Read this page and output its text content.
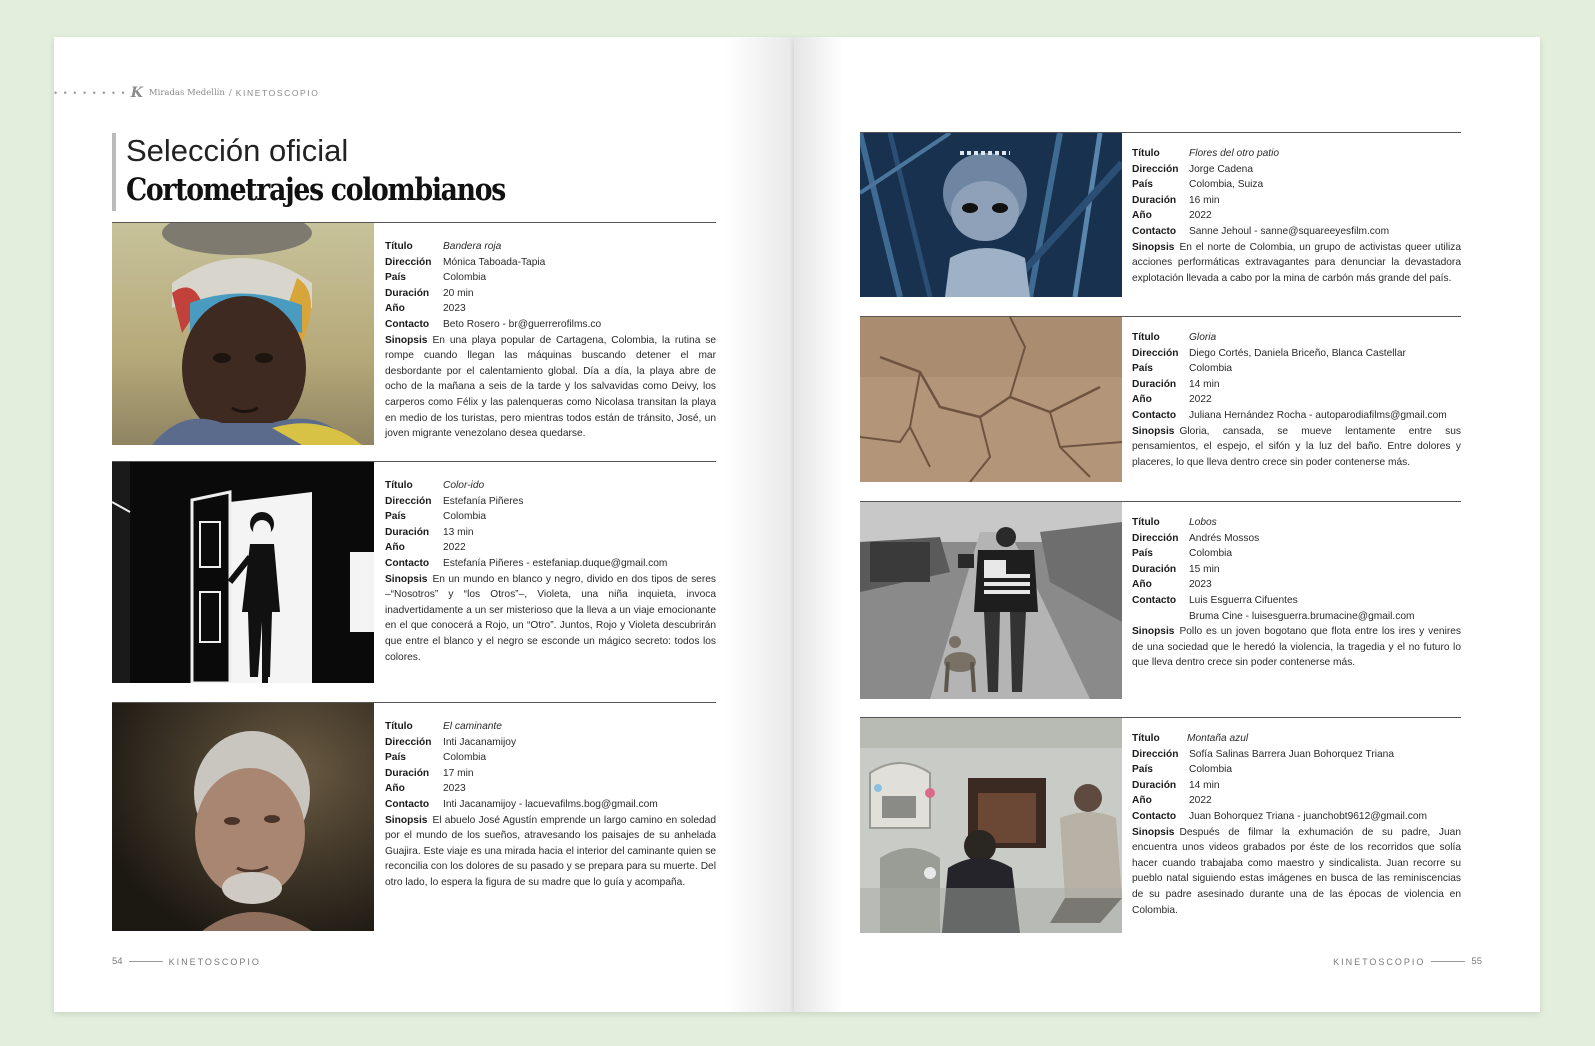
• • • • • • • • K Miradas Medellín / KINETOSCOPIO
Selección oficial
Cortometrajes colombianos
Título	Bandera roja
Dirección	Mónica Taboada-Tapia
País	Colombia
Duración	20 min
Año	2023
Contacto	Beto Rosero - br@guerrerofilms.co
Sinopsis En una playa popular de Cartagena, Colombia, la rutina se rompe cuando llegan las máquinas buscando detener el mar desbordante por el calentamiento global. Día a día, la playa abre de ocho de la mañana a seis de la tarde y los salvavidas como Deivy, los carperos como Félix y las palenqueras como Nicolasa transitan la playa en medio de los turistas, pero mientras todos están de tránsito, José, un joven migrante venezolano desea quedarse.
Título	Color-ido
Dirección	Estefanía Piñeres
País	Colombia
Duración	13 min
Año	2022
Contacto	Estefanía Piñeres - estefaniap.duque@gmail.com
Sinopsis En un mundo en blanco y negro, divido en dos tipos de seres –“Nosotros” y “los Otros”–, Violeta, una niña inquieta, invoca inadvertidamente a un ser misterioso que la lleva a un viaje emocionante en el que conocerá a Rojo, un “Otro”. Juntos, Rojo y Violeta descubrirán que entre el blanco y el negro se esconde un mágico secreto: todos los colores.
Título	El caminante
Dirección	Inti Jacanamijoy
País	Colombia
Duración	17 min
Año	2023
Contacto	Inti Jacanamijoy - lacuevafilms.bog@gmail.com
Sinopsis El abuelo José Agustín emprende un largo camino en soledad por el mundo de los sueños, atravesando los paisajes de su anhelada Guajira. Este viaje es una mirada hacia el interior del caminante quien se reconcilia con los dolores de su pasado y se prepara para su muerte. Del otro lado, lo espera la figura de su madre que lo guía y acompaña.
54	KINETOSCOPIO
Título	Flores del otro patio
Dirección	Jorge Cadena
País	Colombia, Suiza
Duración	16 min
Año	2022
Contacto	Sanne Jehoul - sanne@squareeyesfilm.com
Sinopsis En el norte de Colombia, un grupo de activistas queer utiliza acciones performáticas extravagantes para denunciar la devastadora explotación llevada a cabo por la mina de carbón más grande del país.
Título	Gloria
Dirección	Diego Cortés, Daniela Briceño, Blanca Castellar
País	Colombia
Duración	14 min
Año	2022
Contacto	Juliana Hernández Rocha - autoparodiafilms@gmail.com
Sinopsis Gloria, cansada, se mueve lentamente entre sus pensamientos, el espejo, el sifón y la luz del baño. Entre dolores y placeres, lo que lleva dentro crece sin poder contenerse más.
Título	Lobos
Dirección	Andrés Mossos
País	Colombia
Duración	15 min
Año	2023
Contacto	Luis Esguerra Cifuentes
Bruma Cine - luisesguerra.brumacine@gmail.com
Sinopsis Pollo es un joven bogotano que flota entre los ires y venires de una sociedad que le heredó la violencia, la tragedia y el no futuro lo que lleva dentro crece sin poder contenerse más.
Título	Montaña azul
Dirección	Sofía Salinas Barrera Juan Bohorquez Triana
País	Colombia
Duración	14 min
Año	2022
Contacto	Juan Bohorquez Triana - juanchobt9612@gmail.com
Sinopsis Después de filmar la exhumación de su padre, Juan encuentra unos videos grabados por éste de los recorridos que solía hacer cuando trabajaba como maestro y sindicalista. Juan recorre su pueblo natal siguiendo estas imágenes en busca de las reminiscencias de su padre asesinado durante una de las épocas de violencia en Colombia.
KINETOSCOPIO	55
